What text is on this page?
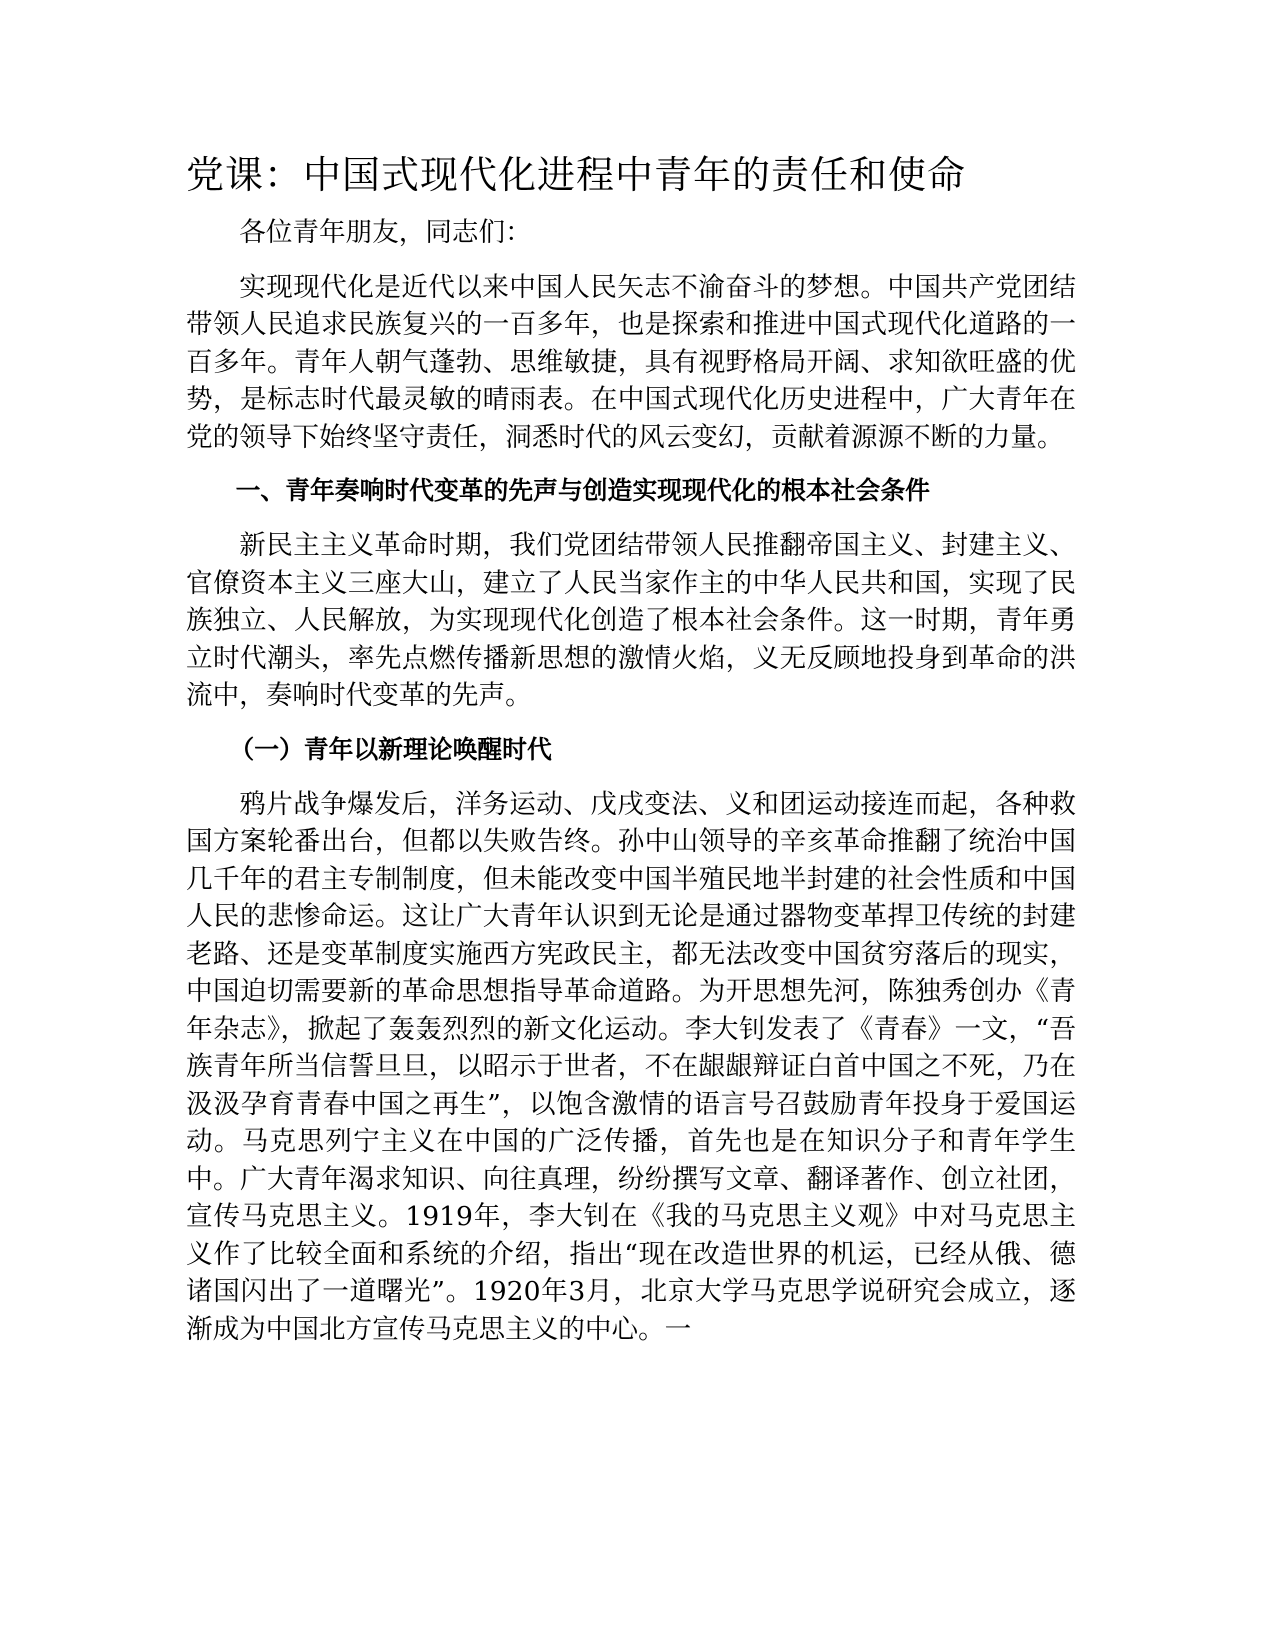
党课：中国式现代化进程中青年的责任和使命

各位青年朋友，同志们：

实现现代化是近代以来中国人民矢志不渝奋斗的梦想。中国共产党团结带领人民追求民族复兴的一百多年，也是探索和推进中国式现代化道路的一百多年。青年人朝气蓬勃、思维敏捷，具有视野格局开阔、求知欲旺盛的优势，是标志时代最灵敏的晴雨表。在中国式现代化历史进程中，广大青年在党的领导下始终坚守责任，洞悉时代的风云变幻，贡献着源源不断的力量。

一、青年奏响时代变革的先声与创造实现现代化的根本社会条件

新民主主义革命时期，我们党团结带领人民推翻帝国主义、封建主义、官僚资本主义三座大山，建立了人民当家作主的中华人民共和国，实现了民族独立、人民解放，为实现现代化创造了根本社会条件。这一时期，青年勇立时代潮头，率先点燃传播新思想的激情火焰，义无反顾地投身到革命的洪流中，奏响时代变革的先声。

（一）青年以新理论唤醒时代

鸦片战争爆发后，洋务运动、戊戌变法、义和团运动接连而起，各种救国方案轮番出台，但都以失败告终。孙中山领导的辛亥革命推翻了统治中国几千年的君主专制制度，但未能改变中国半殖民地半封建的社会性质和中国人民的悲惨命运。这让广大青年认识到无论是通过器物变革捍卫传统的封建老路、还是变革制度实施西方宪政民主，都无法改变中国贫穷落后的现实，中国迫切需要新的革命思想指导革命道路。为开思想先河，陈独秀创办《青年杂志》，掀起了轰轰烈烈的新文化运动。李大钊发表了《青春》一文，“吾族青年所当信誓旦旦，以昭示于世者，不在龈龈辩证白首中国之不死，乃在汲汲孕育青春中国之再生”，以饱含激情的语言号召鼓励青年投身于爱国运动。马克思列宁主义在中国的广泛传播，首先也是在知识分子和青年学生中。广大青年渴求知识、向往真理，纷纷撰写文章、翻译著作、创立社团，宣传马克思主义。1919年，李大钊在《我的马克思主义观》中对马克思主义作了比较全面和系统的介绍，指出“现在改造世界的机运，已经从俄、德诸国闪出了一道曙光”。1920年3月，北京大学马克思学说研究会成立，逐渐成为中国北方宣传马克思主义的中心。一
